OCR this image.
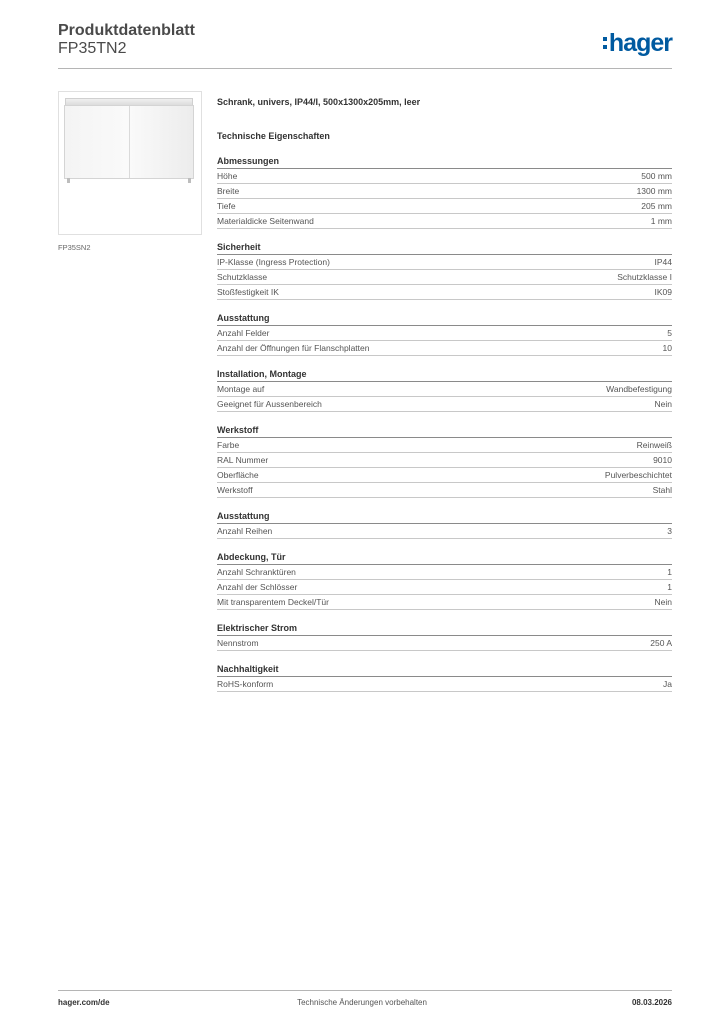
Produktdatenblatt
FP35TN2	hager
FP35SN2
Schrank, univers, IP44/I, 500x1300x205mm, leer
Technische Eigenschaften
Abmessungen
Höhe	500 mm
Breite	1300 mm
Tiefe	205 mm
Materialdicke Seitenwand	1 mm
Sicherheit
IP-Klasse (Ingress Protection)	IP44
Schutzklasse	Schutzklasse I
Stoßfestigkeit IK	IK09
Ausstattung
Anzahl Felder	5
Anzahl der Öffnungen für Flanschplatten	10
Installation, Montage
Montage auf	Wandbefestigung
Geeignet für Aussenbereich	Nein
Werkstoff
Farbe	Reinweiß
RAL Nummer	9010
Oberfläche	Pulverbeschichtet
Werkstoff	Stahl
Ausstattung
Anzahl Reihen	3
Abdeckung, Tür
Anzahl Schranktüren	1
Anzahl der Schlösser	1
Mit transparentem Deckel/Tür	Nein
Elektrischer Strom
Nennstrom	250 A
Nachhaltigkeit
RoHS-konform	Ja
hager.com/de	Technische Änderungen vorbehalten	08.03.2026
